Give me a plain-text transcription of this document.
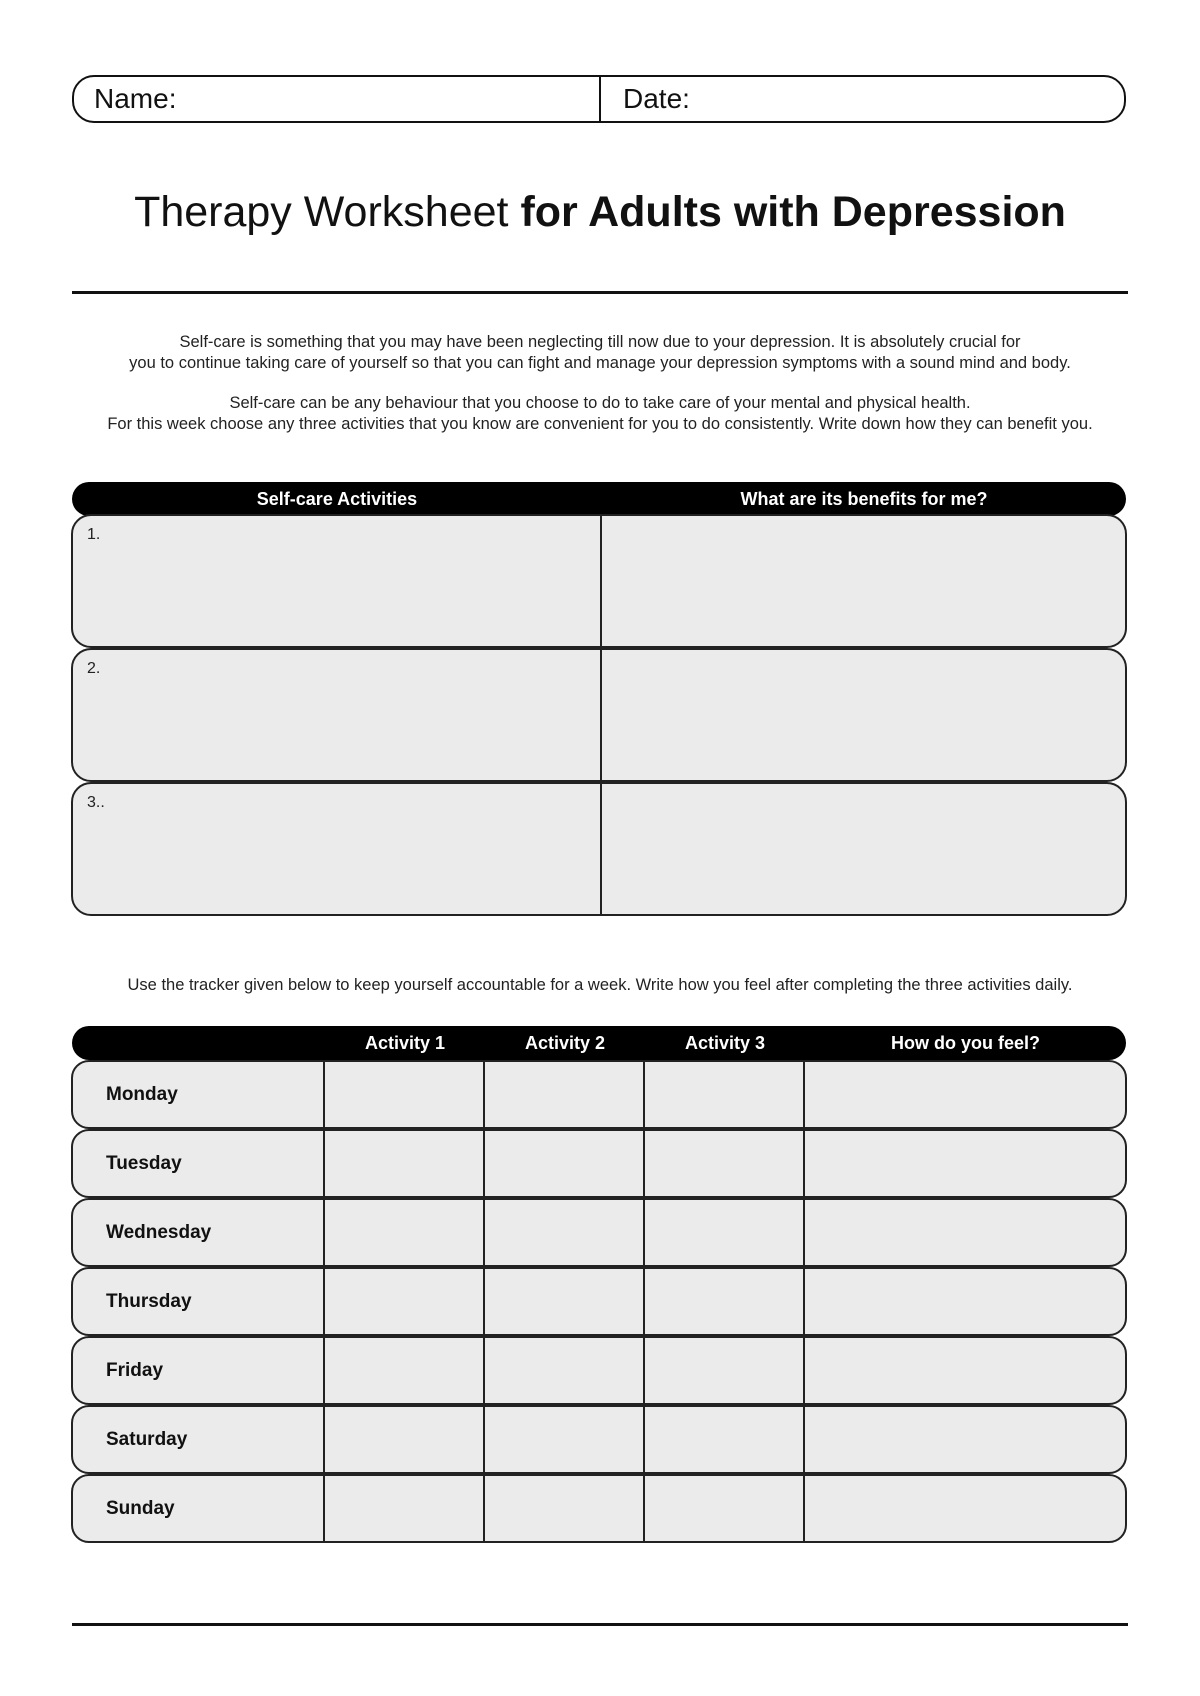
Name:	Date:
Therapy Worksheet for Adults with Depression

Self-care is something that you may have been neglecting till now due to your depression. It is absolutely crucial for

you to continue taking care of yourself so that you can fight and manage your depression symptoms with a sound mind and body.

Self-care can be any behaviour that you choose to do to take care of your mental and physical health.

For this week choose any three activities that you know are convenient for you to do consistently. Write down how they can benefit you.

Self-care Activities	What are its benefits for me?
1.
2.
3..
Use the tracker given below to keep yourself accountable for a week. Write how you feel after completing the three activities daily.
Activity 1	Activity 2	Activity 3	How do you feel?
Monday
Tuesday
Wednesday
Thursday
Friday
Saturday
Sunday
